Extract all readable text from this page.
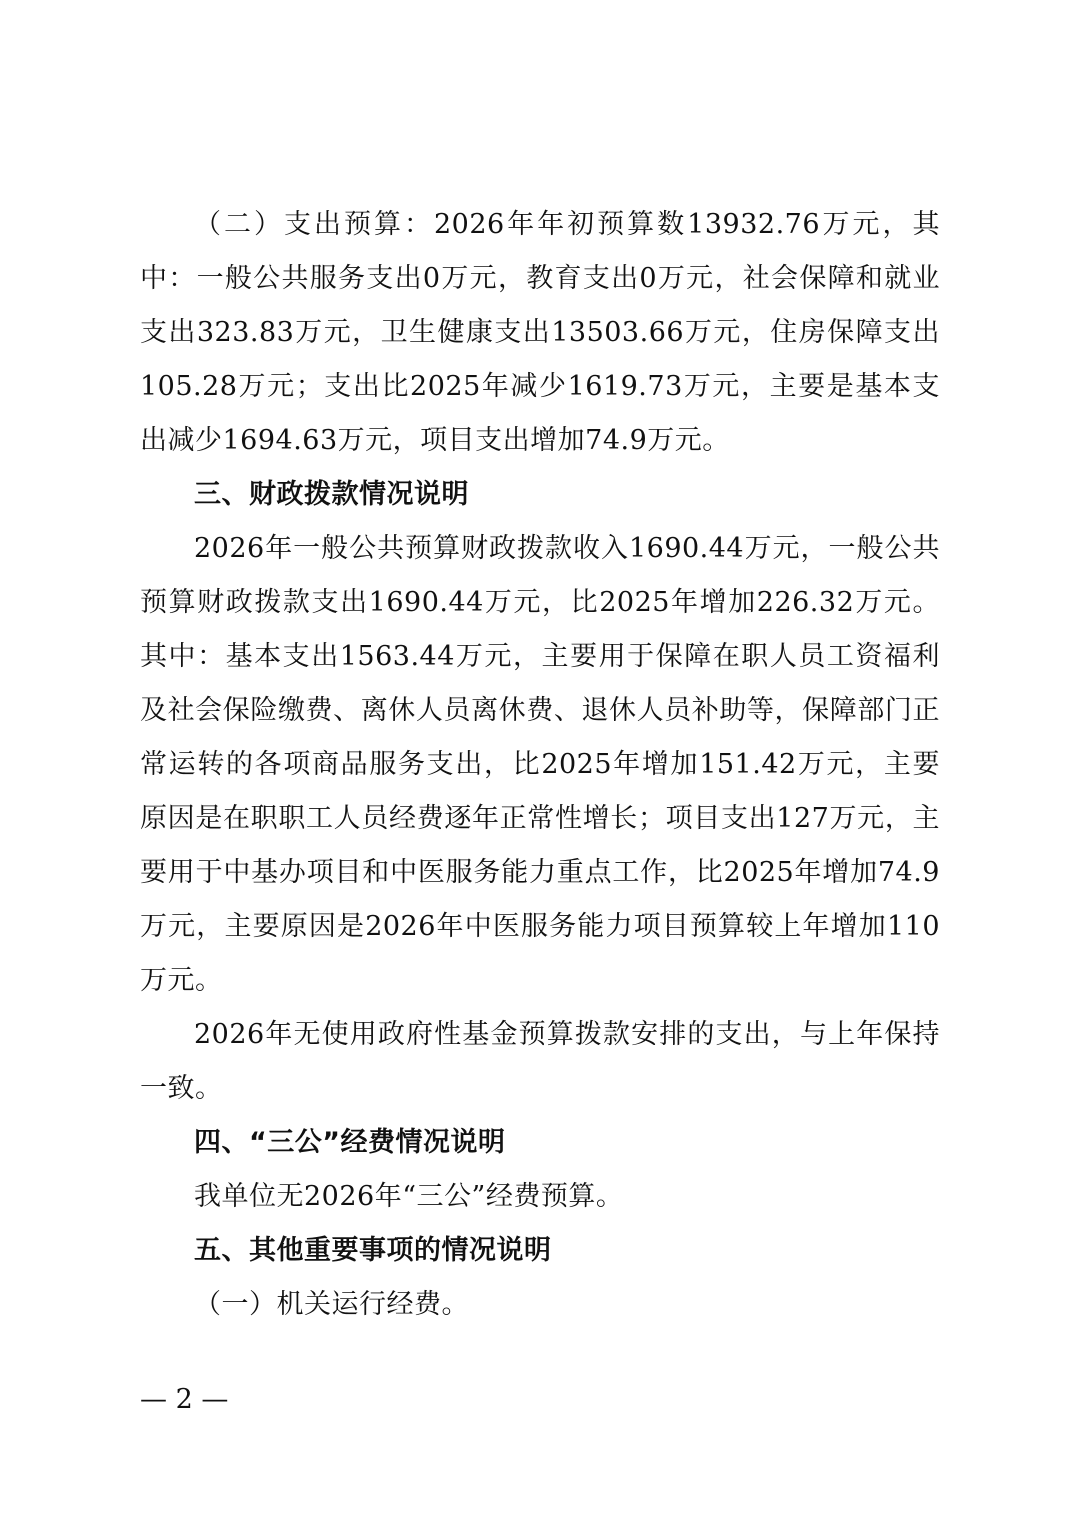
（二）支出预算：2026年年初预算数13932.76万元，其中：一般公共服务支出0万元，教育支出0万元，社会保障和就业支出323.83万元，卫生健康支出13503.66万元，住房保障支出105.28万元；支出比2025年减少1619.73万元，主要是基本支出减少1694.63万元，项目支出增加74.9万元。

三、财政拨款情况说明

2026年一般公共预算财政拨款收入1690.44万元，一般公共预算财政拨款支出1690.44万元，比2025年增加226.32万元。其中：基本支出1563.44万元，主要用于保障在职人员工资福利及社会保险缴费、离休人员离休费、退休人员补助等，保障部门正常运转的各项商品服务支出，比2025年增加151.42万元，主要原因是在职职工人员经费逐年正常性增长；项目支出127万元，主要用于中基办项目和中医服务能力重点工作，比2025年增加74.9万元，主要原因是2026年中医服务能力项目预算较上年增加110万元。

2026年无使用政府性基金预算拨款安排的支出，与上年保持一致。

四、“三公”经费情况说明

我单位无2026年“三公”经费预算。

五、其他重要事项的情况说明

（一）机关运行经费。

— 2 —
